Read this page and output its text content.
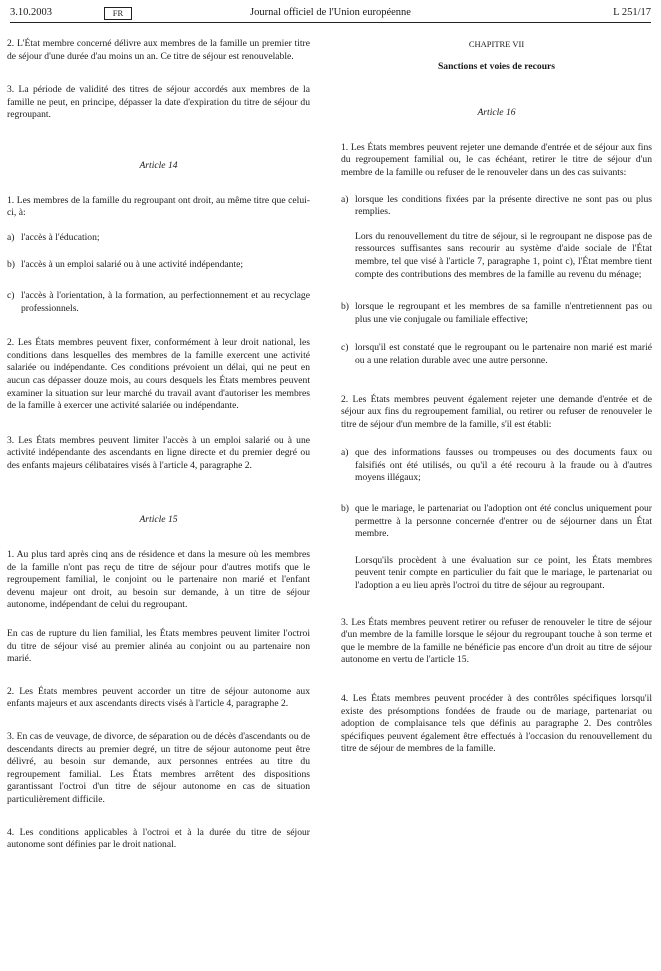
3.10.2003	FR	Journal officiel de l'Union européenne	L 251/17

2. L'État membre concerné délivre aux membres de la famille un premier titre de séjour d'une durée d'au moins un an. Ce titre de séjour est renouvelable.

3. La période de validité des titres de séjour accordés aux membres de la famille ne peut, en principe, dépasser la date d'expiration du titre de séjour du regroupant.

Article 14

1. Les membres de la famille du regroupant ont droit, au même titre que celui-ci, à:

a) l'accès à l'éducation;
b) l'accès à un emploi salarié ou à une activité indépendante;
c) l'accès à l'orientation, à la formation, au perfectionnement et au recyclage professionnels.

2. Les États membres peuvent fixer, conformément à leur droit national, les conditions dans lesquelles des membres de la famille exercent une activité salariée ou indépendante. Ces conditions prévoient un délai, qui ne peut en aucun cas dépasser douze mois, au cours desquels les États membres peuvent examiner la situation sur leur marché du travail avant d'autoriser les membres de la famille à exercer une activité salariée ou indépendante.

3. Les États membres peuvent limiter l'accès à un emploi salarié ou à une activité indépendante des ascendants en ligne directe et du premier degré ou des enfants majeurs célibataires visés à l'article 4, paragraphe 2.

Article 15

1. Au plus tard après cinq ans de résidence et dans la mesure où les membres de la famille n'ont pas reçu de titre de séjour pour d'autres motifs que le regroupement familial, le conjoint ou le partenaire non marié et l'enfant devenu majeur ont droit, au besoin sur demande, à un titre de séjour autonome, indépendant de celui du regroupant.

En cas de rupture du lien familial, les États membres peuvent limiter l'octroi du titre de séjour visé au premier alinéa au conjoint ou au partenaire non marié.

2. Les États membres peuvent accorder un titre de séjour autonome aux enfants majeurs et aux ascendants directs visés à l'article 4, paragraphe 2.

3. En cas de veuvage, de divorce, de séparation ou de décès d'ascendants ou de descendants directs au premier degré, un titre de séjour autonome peut être délivré, au besoin sur demande, aux personnes entrées au titre du regroupement familial. Les États membres arrêtent des dispositions garantissant l'octroi d'un titre de séjour autonome en cas de situation particulièrement difficile.

4. Les conditions applicables à l'octroi et à la durée du titre de séjour autonome sont définies par le droit national.

CHAPITRE VII
Sanctions et voies de recours
Article 16

1. Les États membres peuvent rejeter une demande d'entrée et de séjour aux fins du regroupement familial ou, le cas échéant, retirer le titre de séjour d'un membre de la famille ou refuser de le renouveler dans un des cas suivants:

a) lorsque les conditions fixées par la présente directive ne sont pas ou plus remplies.
Lors du renouvellement du titre de séjour, si le regroupant ne dispose pas de ressources suffisantes sans recourir au système d'aide sociale de l'État membre, tel que visé à l'article 7, paragraphe 1, point c), l'État membre tient compte des contributions des membres de la famille au revenu du ménage;
b) lorsque le regroupant et les membres de sa famille n'entretiennent pas ou plus une vie conjugale ou familiale effective;
c) lorsqu'il est constaté que le regroupant ou le partenaire non marié est marié ou a une relation durable avec une autre personne.

2. Les États membres peuvent également rejeter une demande d'entrée et de séjour aux fins du regroupement familial, ou retirer ou refuser de renouveler le titre de séjour d'un membre de la famille, s'il est établi:

a) que des informations fausses ou trompeuses ou des documents faux ou falsifiés ont été utilisés, ou qu'il a été recouru à la fraude ou à d'autres moyens illégaux;
b) que le mariage, le partenariat ou l'adoption ont été conclus uniquement pour permettre à la personne concernée d'entrer ou de séjourner dans un État membre.
Lorsqu'ils procèdent à une évaluation sur ce point, les États membres peuvent tenir compte en particulier du fait que le mariage, le partenariat ou l'adoption a eu lieu après l'octroi du titre de séjour au regroupant.

3. Les États membres peuvent retirer ou refuser de renouveler le titre de séjour d'un membre de la famille lorsque le séjour du regroupant touche à son terme et que le membre de la famille ne bénéficie pas encore d'un droit au titre de séjour autonome en vertu de l'article 15.

4. Les États membres peuvent procéder à des contrôles spécifiques lorsqu'il existe des présomptions fondées de fraude ou de mariage, partenariat ou adoption de complaisance tels que définis au paragraphe 2. Des contrôles spécifiques peuvent également être effectués à l'occasion du renouvellement du titre de séjour de membres de la famille.
